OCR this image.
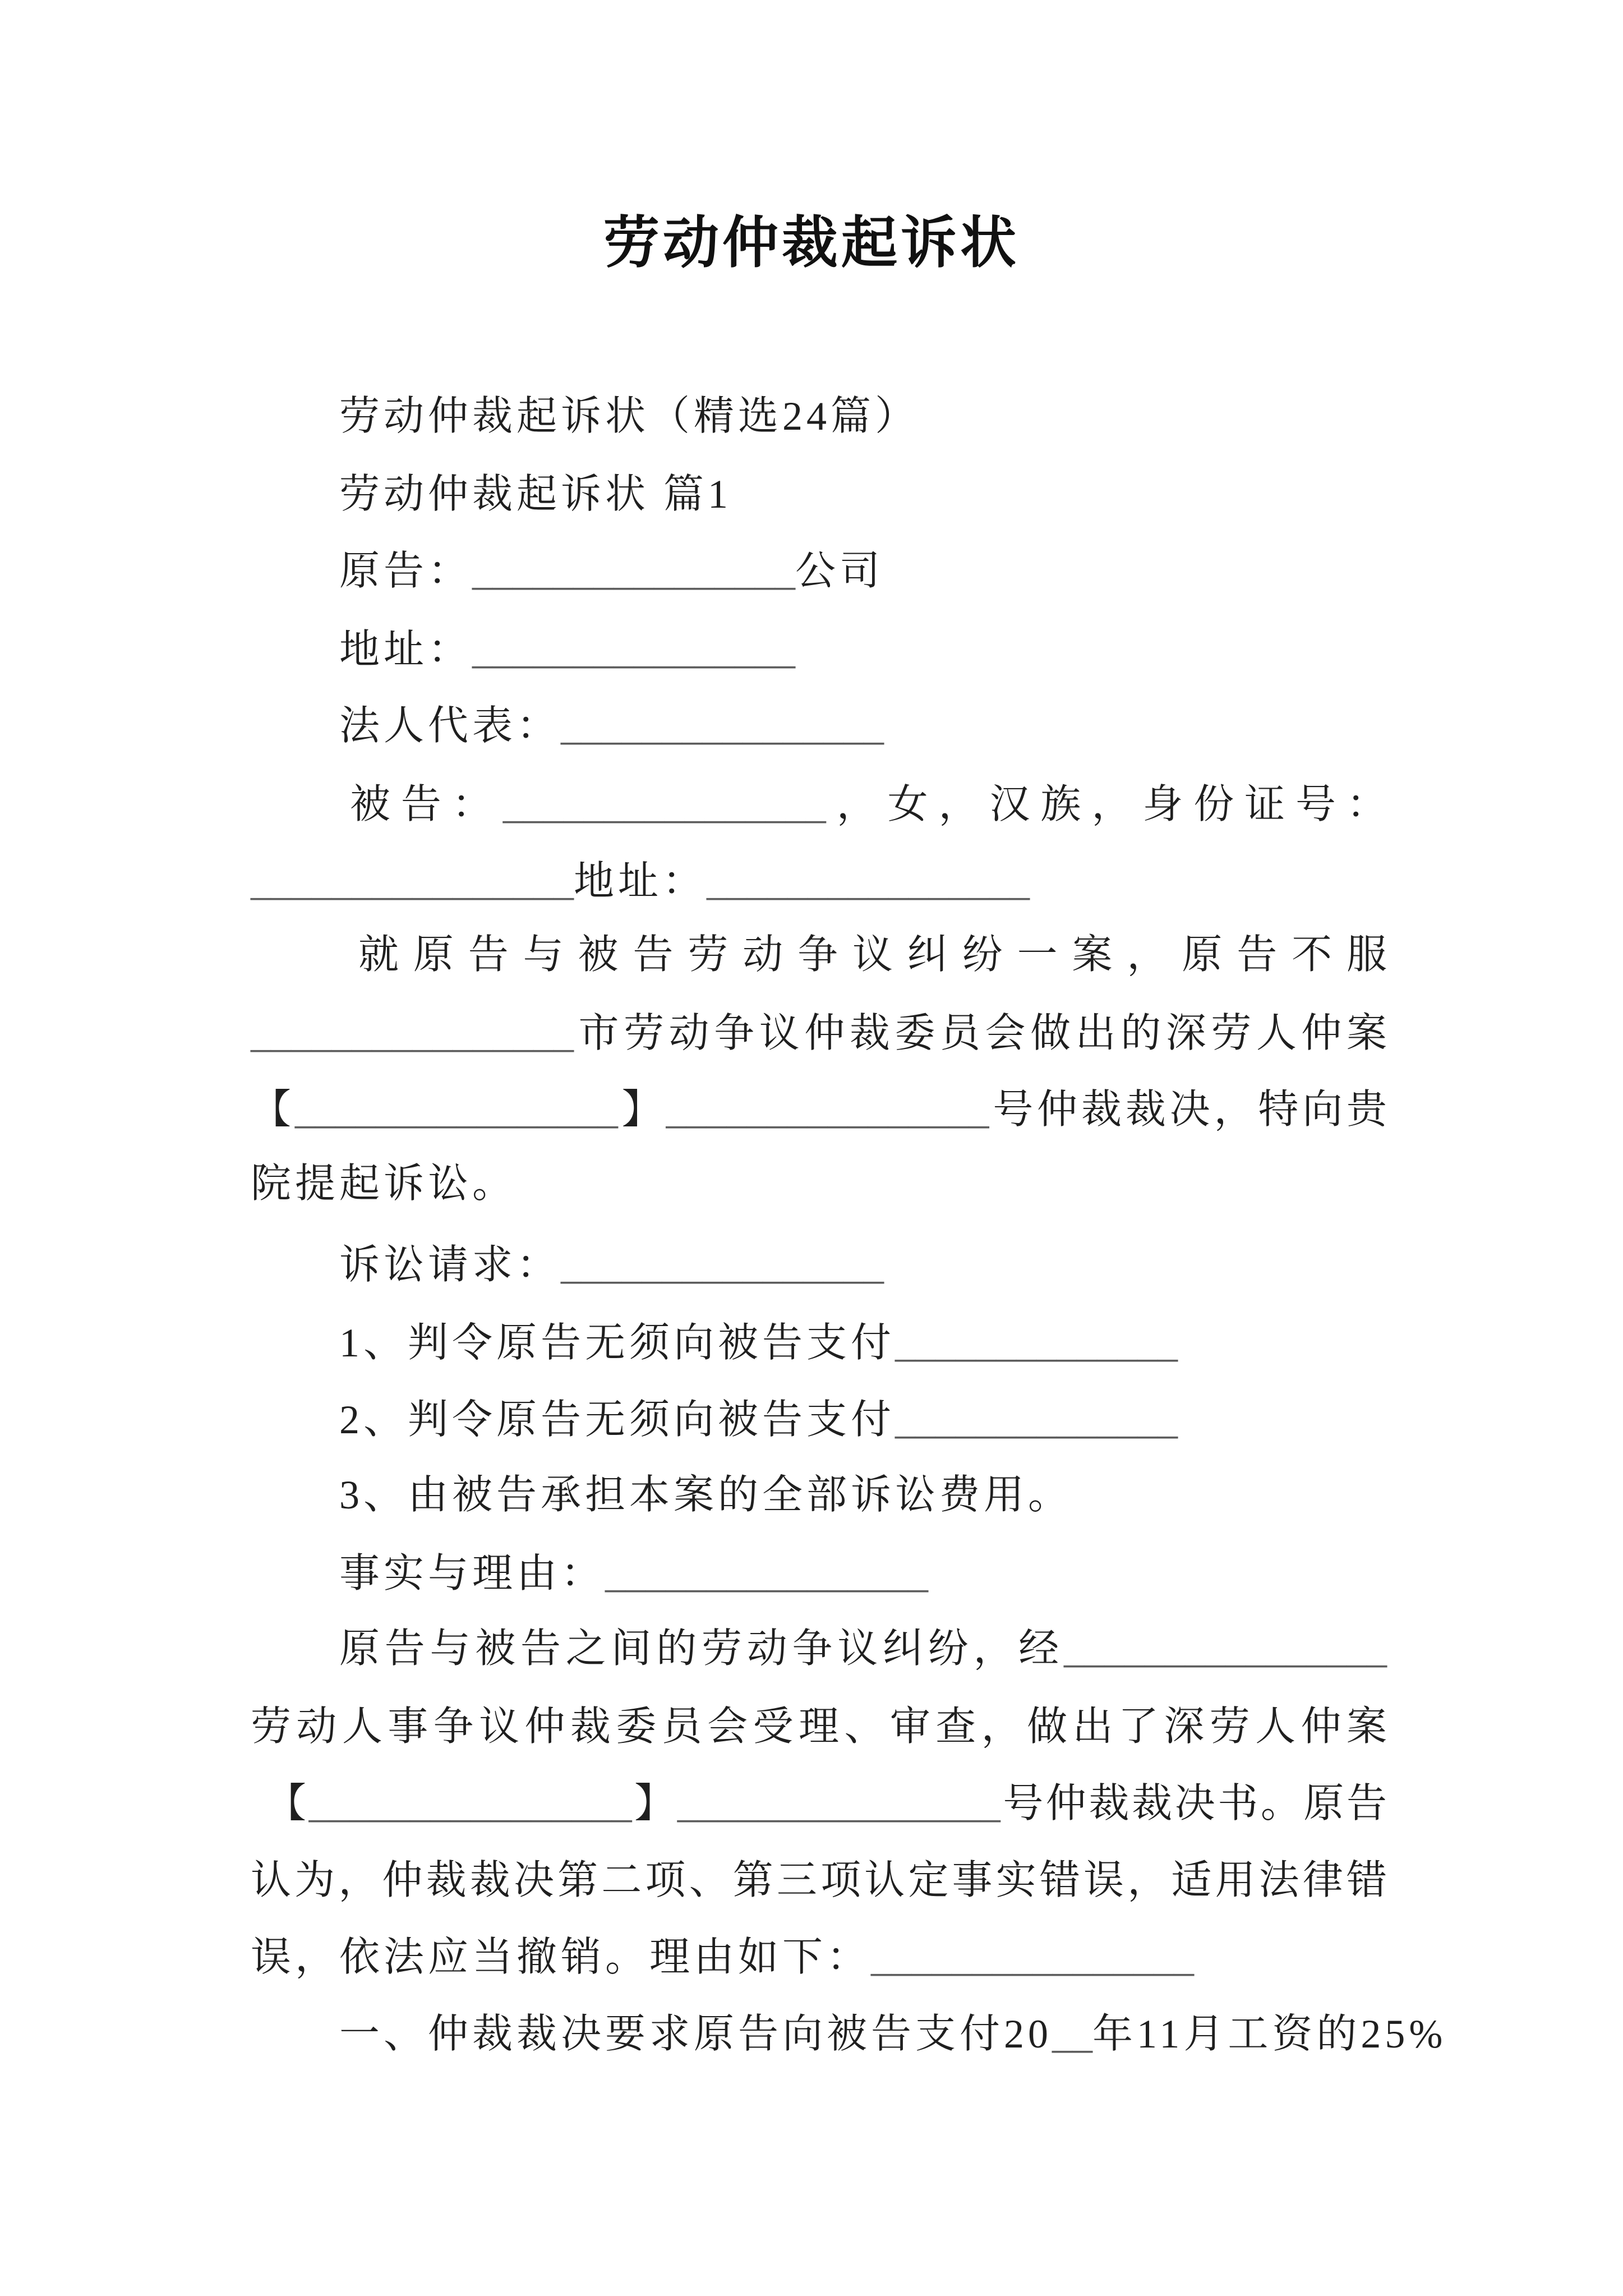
劳动仲裁起诉状
劳动仲裁起诉状（精选24篇）
劳动仲裁起诉状 篇1
原告：________________公司
地址：________________
法人代表：________________
被告：________________，女，汉族，身份证号：
________________地址：________________
就原告与被告劳动争议纠纷一案，原告不服
________________市劳动争议仲裁委员会做出的深劳人仲案
【________________】________________号仲裁裁决，特向贵
院提起诉讼。
诉讼请求：________________
1、判令原告无须向被告支付______________
2、判令原告无须向被告支付______________
3、由被告承担本案的全部诉讼费用。
事实与理由：________________
原告与被告之间的劳动争议纠纷，经________________
劳动人事争议仲裁委员会受理、审查，做出了深劳人仲案
【________________】________________号仲裁裁决书。原告
认为，仲裁裁决第二项、第三项认定事实错误，适用法律错
误，依法应当撤销。理由如下：________________
一、仲裁裁决要求原告向被告支付20__年11月工资的25%
